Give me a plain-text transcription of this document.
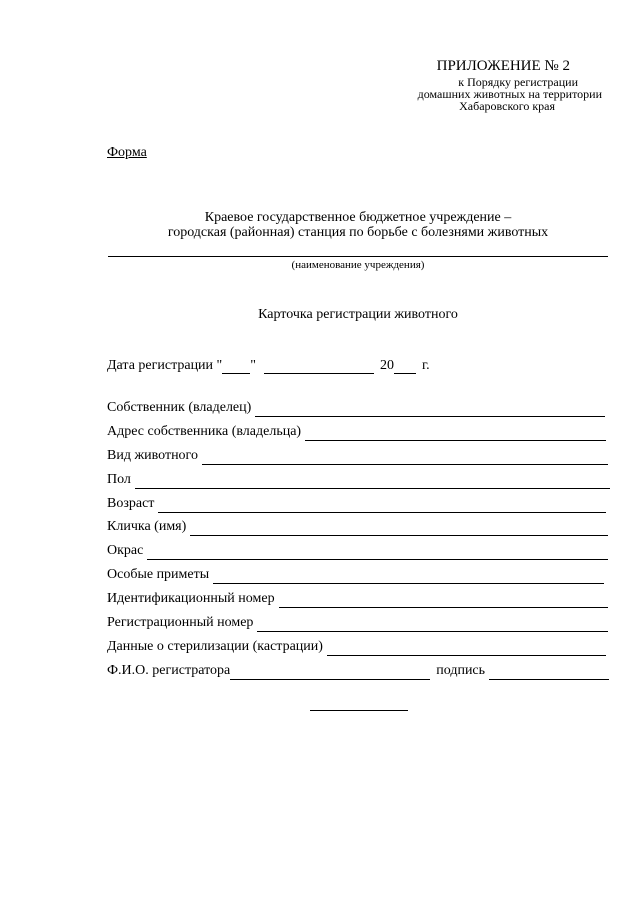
ПРИЛОЖЕНИЕ № 2
к Порядку регистрации
домашних животных на территории
Хабаровского края
Форма
Краевое государственное бюджетное учреждение –
городская (районная) станция по борьбе с болезнями животных
(наименование учреждения)
Карточка регистрации животного
Дата регистрации " "	20 г.
Собственник (владелец)
Адрес собственника (владельца)
Вид животного
Пол
Возраст
Кличка (имя)
Окрас
Особые приметы
Идентификационный номер
Регистрационный номер
Данные о стерилизации (кастрации)
Ф.И.О. регистратора	подпись
